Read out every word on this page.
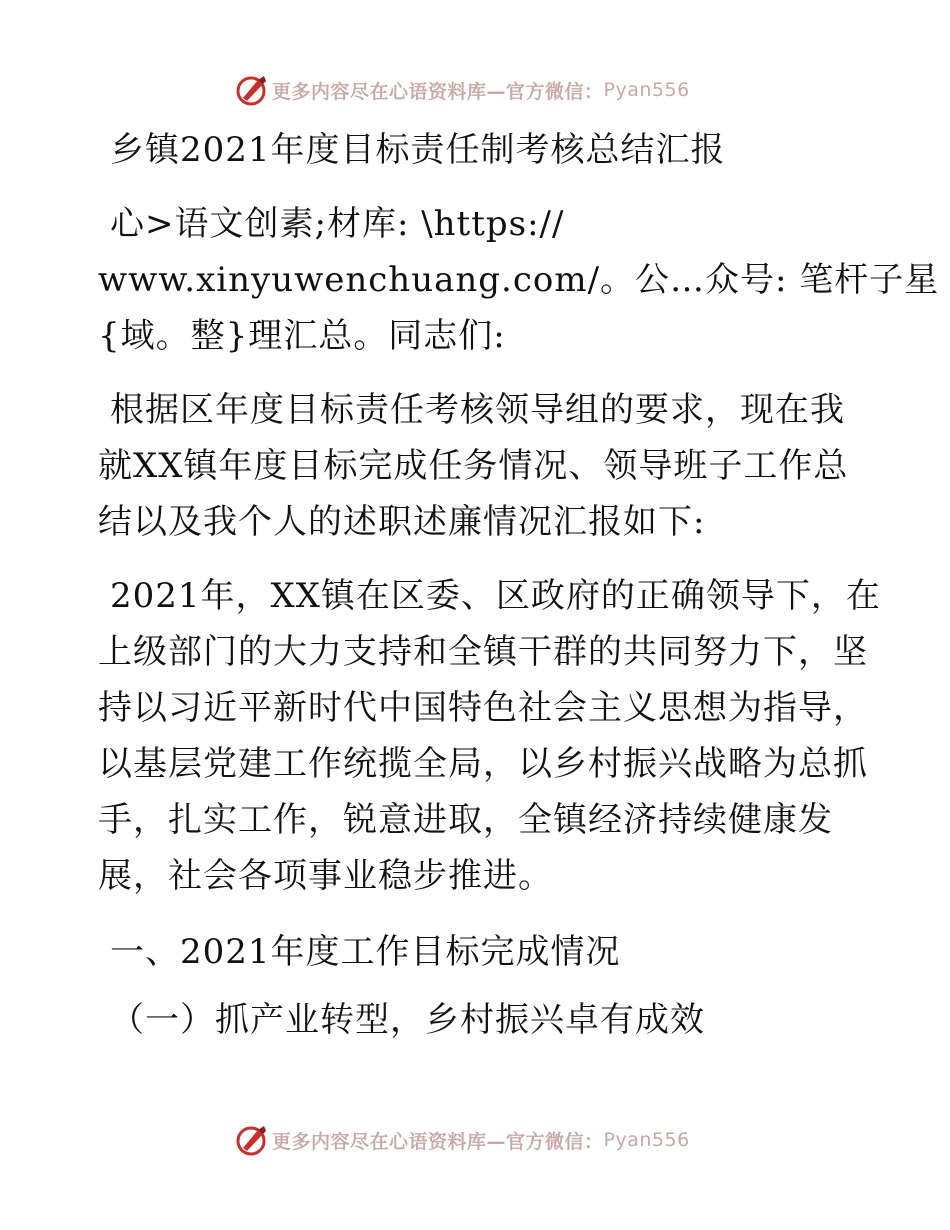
更多内容尽在心语资料库—官方微信： Pyan556
乡镇2021年度目标责任制考核总结汇报
心>语文创素;材库: \https://
www.xinyuwenchuang.com/。公…众号: 笔杆子星
{域。整}理汇总。同志们:
根据区年度目标责任考核领导组的要求，现在我
就XX镇年度目标完成任务情况、领导班子工作总
结以及我个人的述职述廉情况汇报如下:
2021年，XX镇在区委、区政府的正确领导下，在
上级部门的大力支持和全镇干群的共同努力下，坚
持以习近平新时代中国特色社会主义思想为指导，
以基层党建工作统揽全局，以乡村振兴战略为总抓
手，扎实工作，锐意进取，全镇经济持续健康发
展，社会各项事业稳步推进。
一、2021年度工作目标完成情况
（一）抓产业转型，乡村振兴卓有成效
更多内容尽在心语资料库—官方微信： Pyan556
